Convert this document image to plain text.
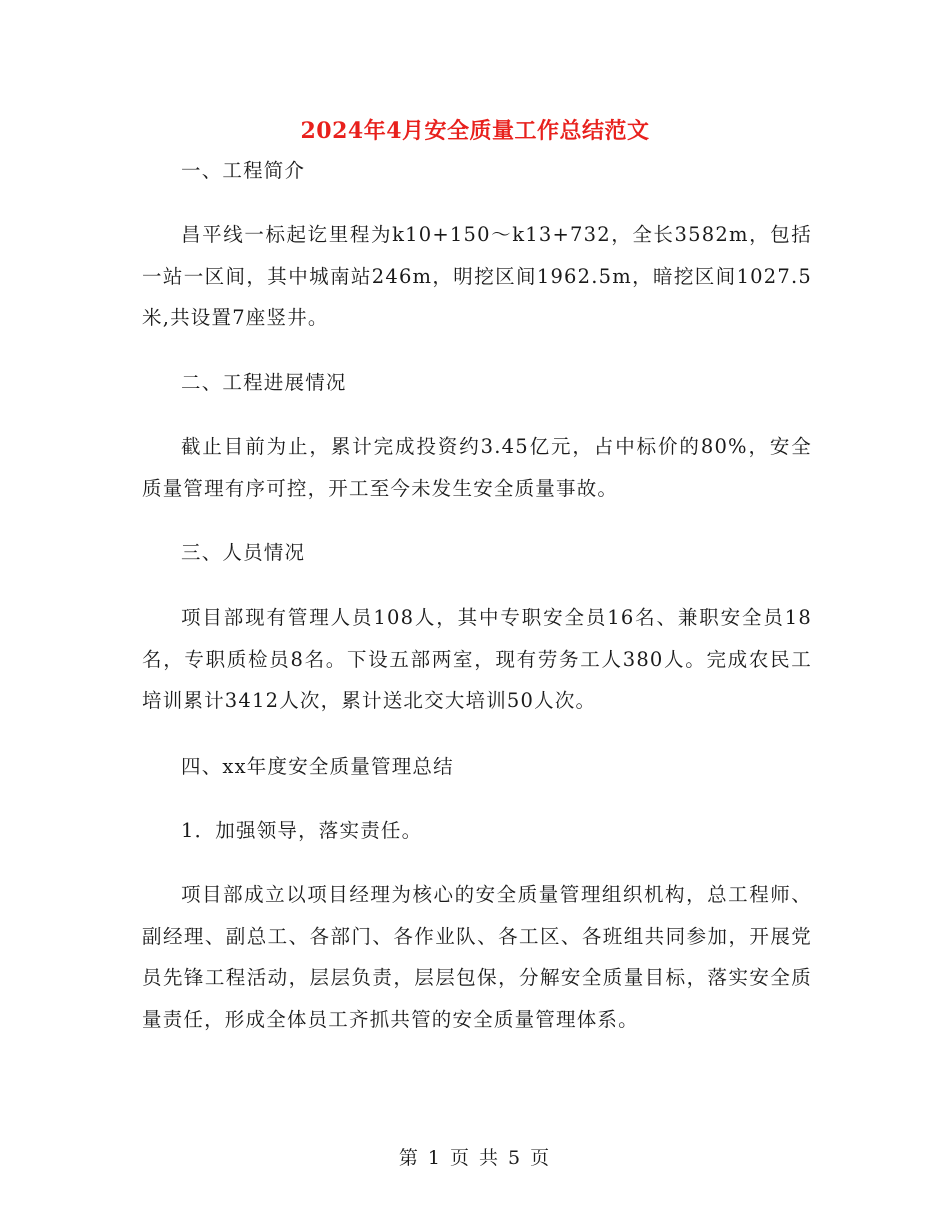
2024年4月安全质量工作总结范文

一、工程简介

昌平线一标起讫里程为k10+150～k13+732，全长3582m，包括一站一区间，其中城南站246m，明挖区间1962.5m，暗挖区间1027.5米,共设置7座竖井。

二、工程进展情况

截止目前为止，累计完成投资约3.45亿元，占中标价的80%，安全质量管理有序可控，开工至今未发生安全质量事故。

三、人员情况

项目部现有管理人员108人，其中专职安全员16名、兼职安全员18名，专职质检员8名。下设五部两室，现有劳务工人380人。完成农民工培训累计3412人次，累计送北交大培训50人次。

四、xx年度安全质量管理总结

1．加强领导，落实责任。

项目部成立以项目经理为核心的安全质量管理组织机构，总工程师、副经理、副总工、各部门、各作业队、各工区、各班组共同参加，开展党员先锋工程活动，层层负责，层层包保，分解安全质量目标，落实安全质量责任，形成全体员工齐抓共管的安全质量管理体系。

第 1 页 共 5 页
